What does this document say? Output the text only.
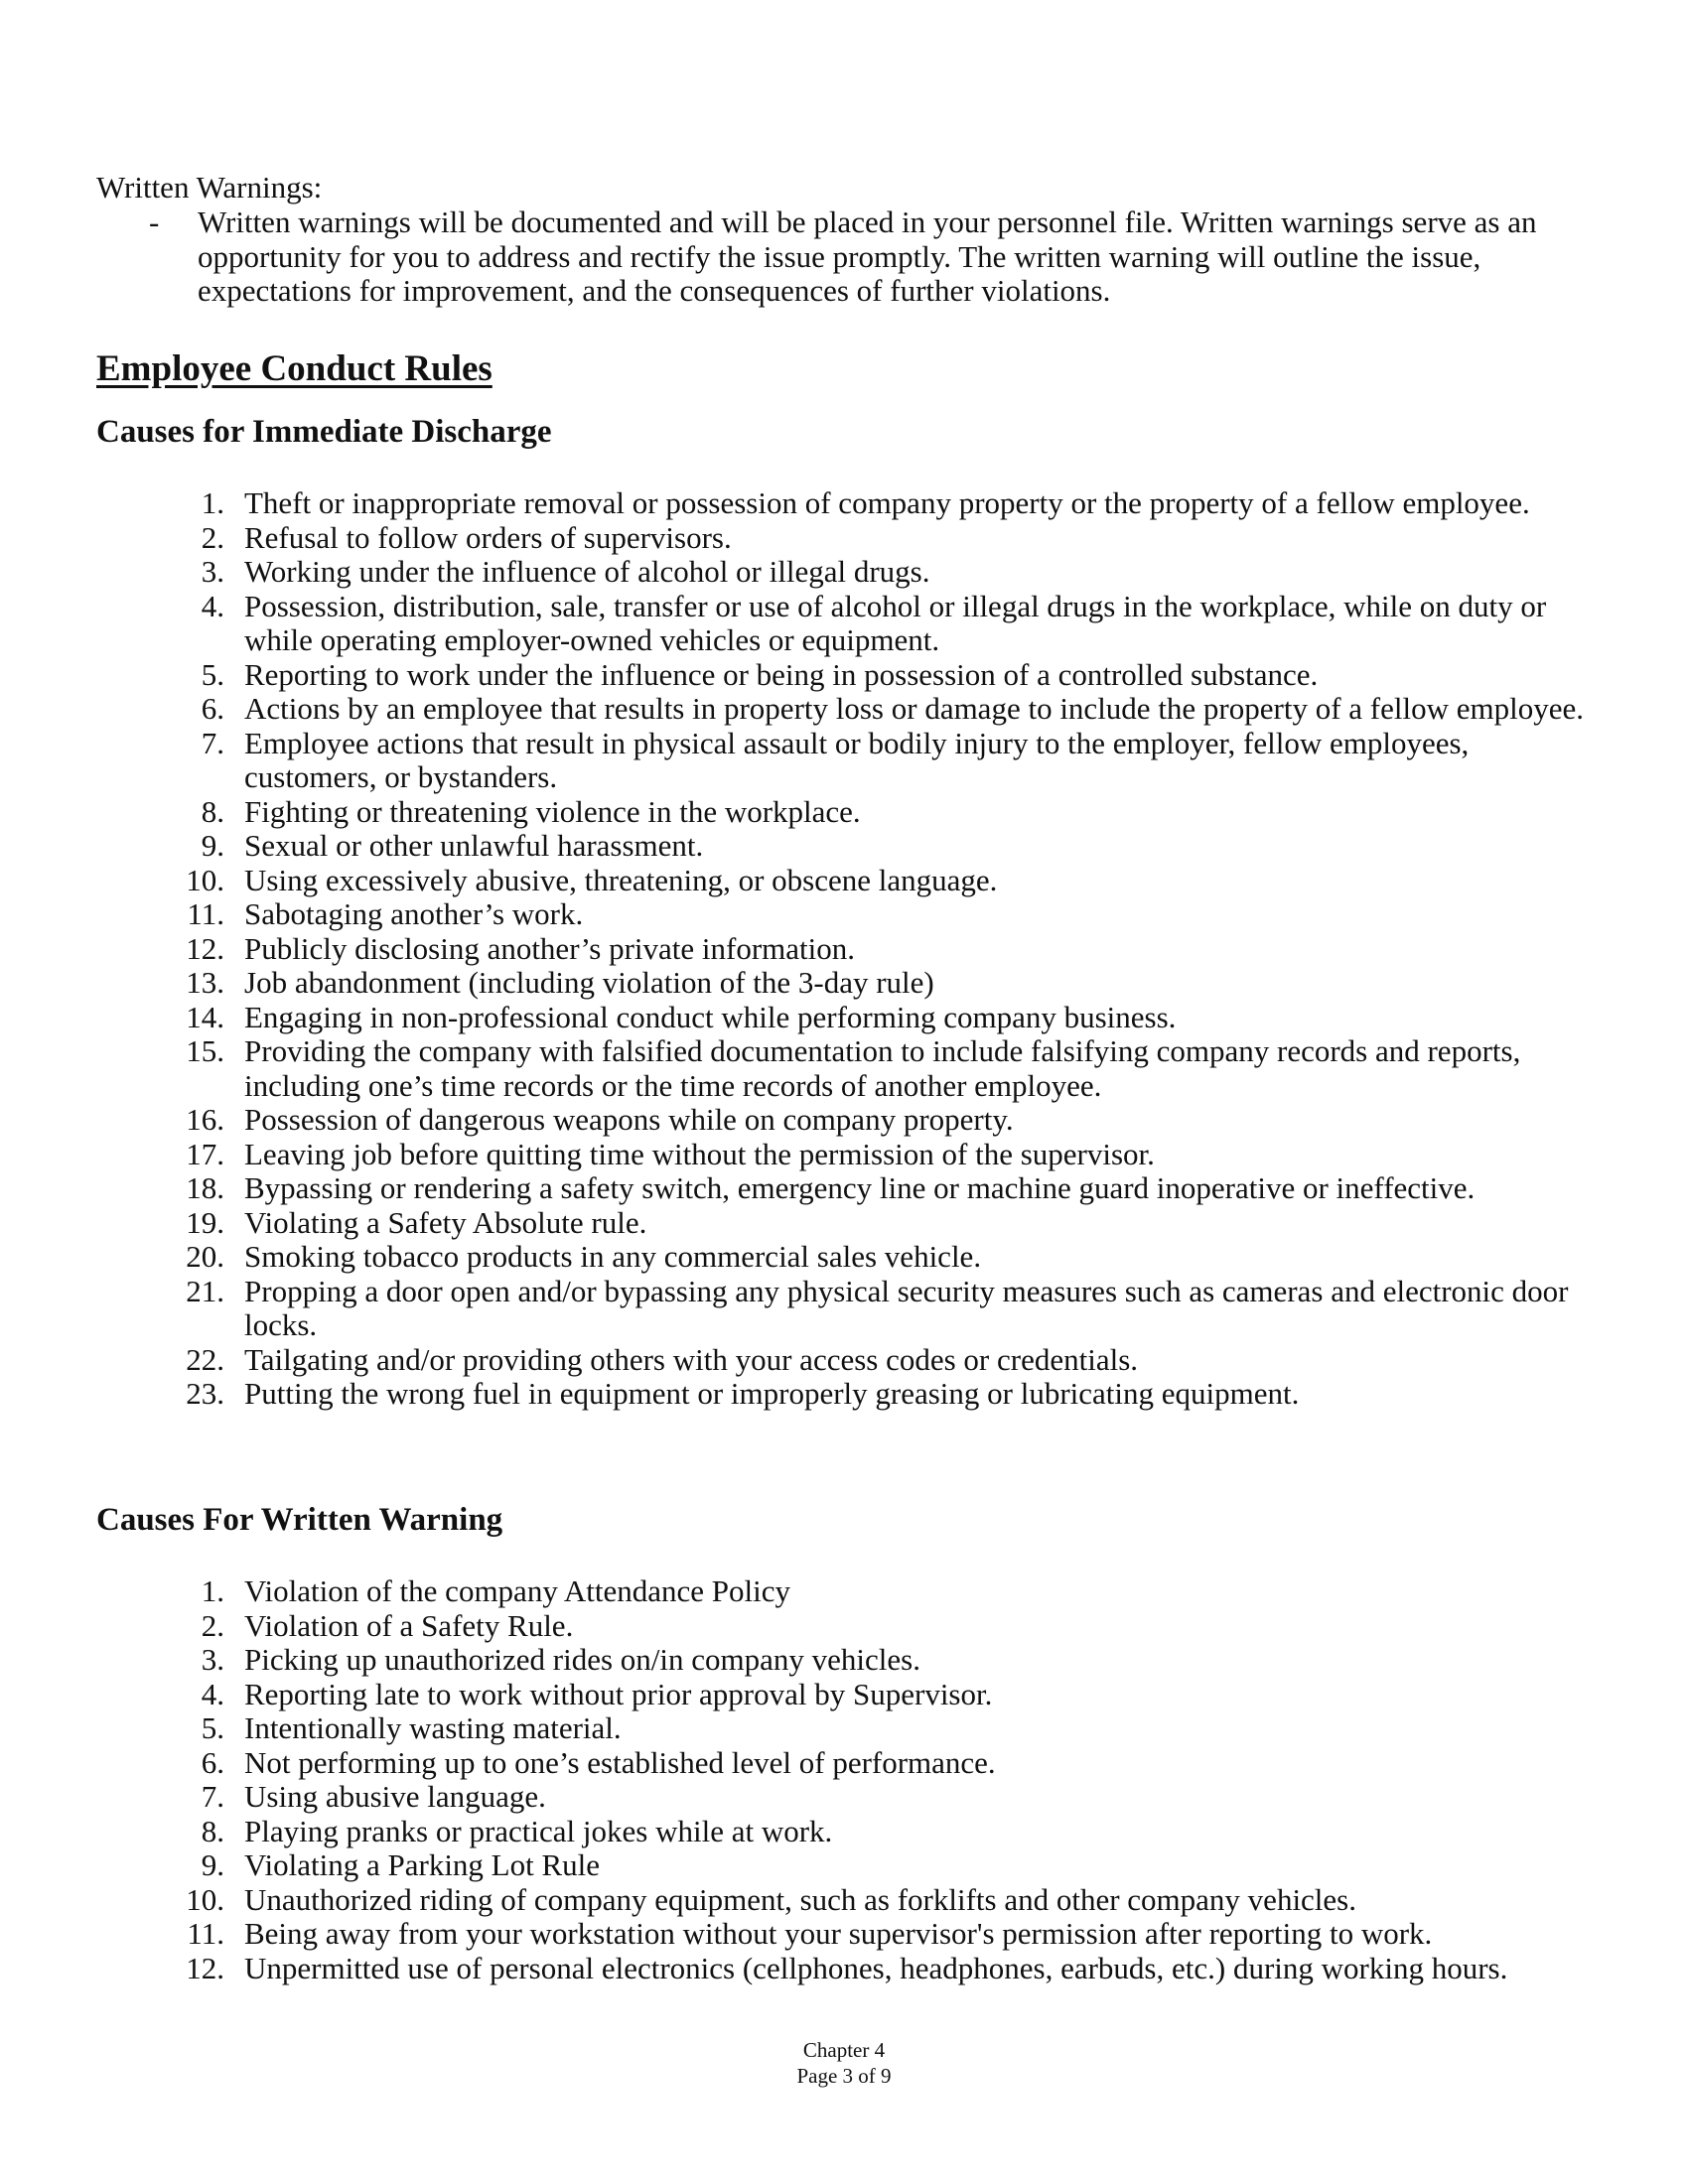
Written Warnings:
- Written warnings will be documented and will be placed in your personnel file. Written warnings serve as an opportunity for you to address and rectify the issue promptly. The written warning will outline the issue, expectations for improvement, and the consequences of further violations.
Employee Conduct Rules
Causes for Immediate Discharge
1. Theft or inappropriate removal or possession of company property or the property of a fellow employee.
2. Refusal to follow orders of supervisors.
3. Working under the influence of alcohol or illegal drugs.
4. Possession, distribution, sale, transfer or use of alcohol or illegal drugs in the workplace, while on duty or while operating employer-owned vehicles or equipment.
5. Reporting to work under the influence or being in possession of a controlled substance.
6. Actions by an employee that results in property loss or damage to include the property of a fellow employee.
7. Employee actions that result in physical assault or bodily injury to the employer, fellow employees, customers, or bystanders.
8. Fighting or threatening violence in the workplace.
9. Sexual or other unlawful harassment.
10. Using excessively abusive, threatening, or obscene language.
11. Sabotaging another’s work.
12. Publicly disclosing another’s private information.
13. Job abandonment (including violation of the 3-day rule)
14. Engaging in non-professional conduct while performing company business.
15. Providing the company with falsified documentation to include falsifying company records and reports, including one’s time records or the time records of another employee.
16. Possession of dangerous weapons while on company property.
17. Leaving job before quitting time without the permission of the supervisor.
18. Bypassing or rendering a safety switch, emergency line or machine guard inoperative or ineffective.
19. Violating a Safety Absolute rule.
20. Smoking tobacco products in any commercial sales vehicle.
21. Propping a door open and/or bypassing any physical security measures such as cameras and electronic door locks.
22. Tailgating and/or providing others with your access codes or credentials.
23. Putting the wrong fuel in equipment or improperly greasing or lubricating equipment.
Causes For Written Warning
1. Violation of the company Attendance Policy
2. Violation of a Safety Rule.
3. Picking up unauthorized rides on/in company vehicles.
4. Reporting late to work without prior approval by Supervisor.
5. Intentionally wasting material.
6. Not performing up to one’s established level of performance.
7. Using abusive language.
8. Playing pranks or practical jokes while at work.
9. Violating a Parking Lot Rule
10. Unauthorized riding of company equipment, such as forklifts and other company vehicles.
11. Being away from your workstation without your supervisor's permission after reporting to work.
12. Unpermitted use of personal electronics (cellphones, headphones, earbuds, etc.) during working hours.
Chapter 4
Page 3 of 9
